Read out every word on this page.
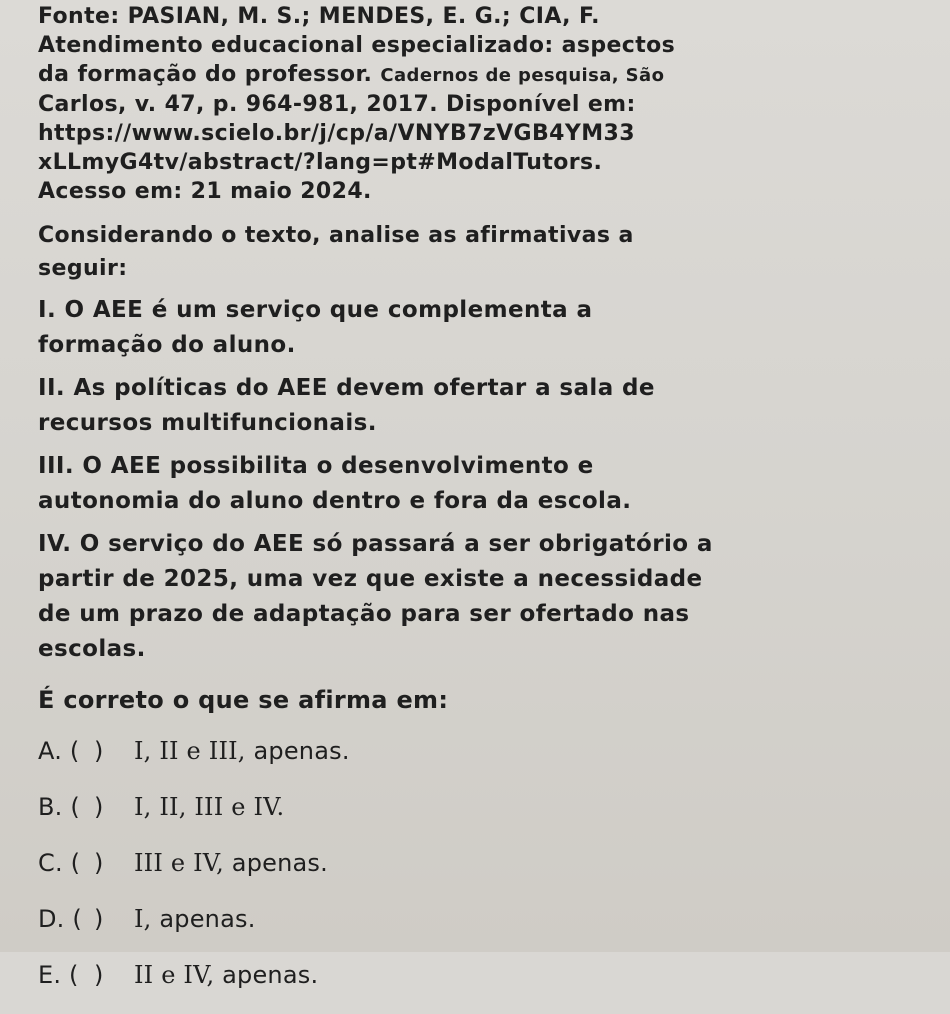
Fonte: PASIAN, M. S.; MENDES, E. G.; CIA, F.
Atendimento educacional especializado: aspectos
da formação do professor. Cadernos de pesquisa, São
Carlos, v. 47, p. 964-981, 2017. Disponível em:
https://www.scielo.br/j/cp/a/VNYB7zVGB4YM33
xLLmyG4tv/abstract/?lang=pt#ModalTutors.
Acesso em: 21 maio 2024.
Considerando o texto, analise as afirmativas a
seguir:
I. O AEE é um serviço que complementa a
formação do aluno.
II. As políticas do AEE devem ofertar a sala de
recursos multifuncionais.
III. O AEE possibilita o desenvolvimento e
autonomia do aluno dentro e fora da escola.
IV. O serviço do AEE só passará a ser obrigatório a
partir de 2025, uma vez que existe a necessidade
de um prazo de adaptação para ser ofertado nas
escolas.
É correto o que se afirma em:
A. ( )	I, II e III, apenas.
B. ( )	I, II, III e IV.
C. ( )	III e IV, apenas.
D. ( )	I, apenas.
E. ( )	II e IV, apenas.
